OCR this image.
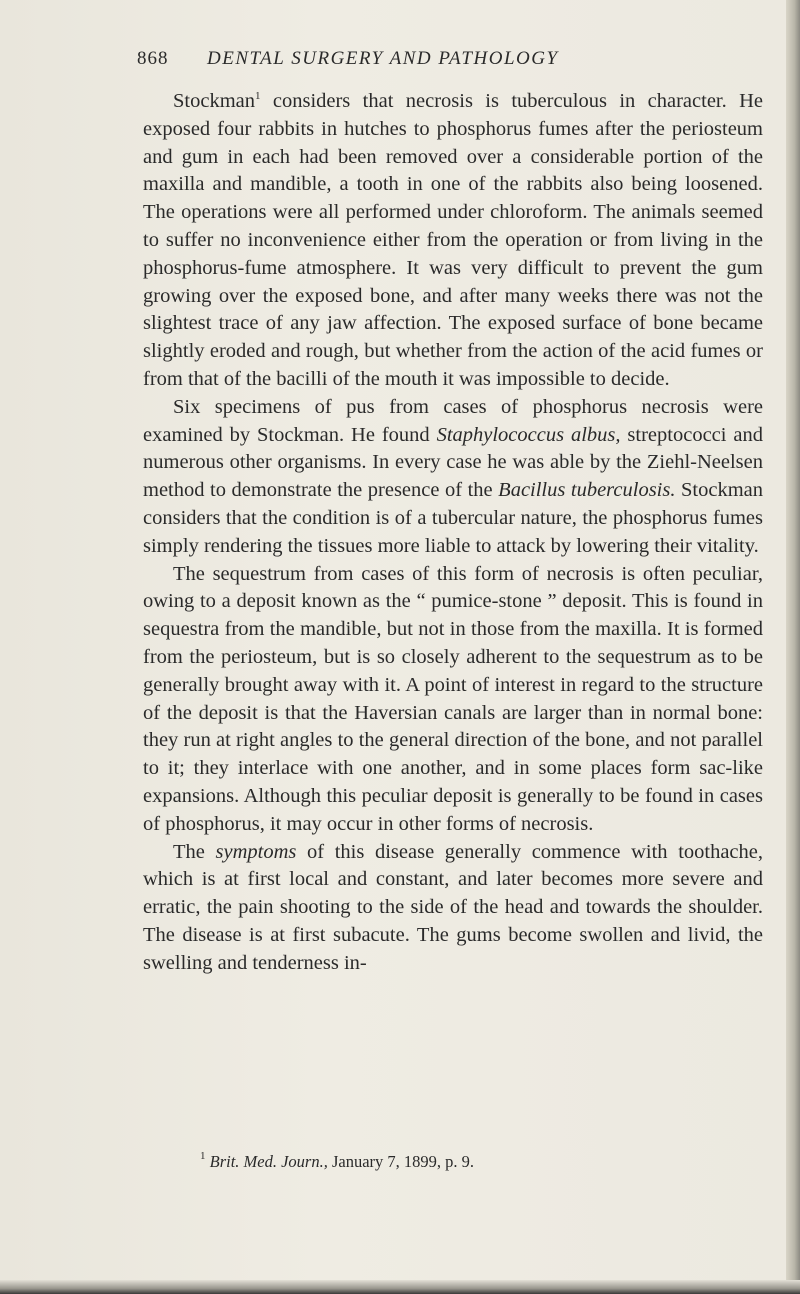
868 DENTAL SURGERY AND PATHOLOGY

Stockman$^1$ considers that necrosis is tuberculous in character. He exposed four rabbits in hutches to phosphorus fumes after the periosteum and gum in each had been removed over a considerable portion of the maxilla and mandible, a tooth in one of the rabbits also being loosened. The operations were all performed under chloroform. The animals seemed to suffer no inconvenience either from the operation or from living in the phosphorus-fume atmosphere. It was very difficult to prevent the gum growing over the exposed bone, and after many weeks there was not the slightest trace of any jaw affection. The exposed surface of bone became slightly eroded and rough, but whether from the action of the acid fumes or from that of the bacilli of the mouth it was impossible to decide.

Six specimens of pus from cases of phosphorus necrosis were examined by Stockman. He found Staphylococcus albus, streptococci and numerous other organisms. In every case he was able by the Ziehl-Neelsen method to demonstrate the presence of the Bacillus tuberculosis. Stockman considers that the condition is of a tubercular nature, the phosphorus fumes simply rendering the tissues more liable to attack by lowering their vitality.

The sequestrum from cases of this form of necrosis is often peculiar, owing to a deposit known as the “ pumice-stone ” deposit. This is found in sequestra from the mandible, but not in those from the maxilla. It is formed from the periosteum, but is so closely adherent to the sequestrum as to be generally brought away with it. A point of interest in regard to the structure of the deposit is that the Haversian canals are larger than in normal bone: they run at right angles to the general direction of the bone, and not parallel to it; they interlace with one another, and in some places form sac-like expansions. Although this peculiar deposit is generally to be found in cases of phosphorus, it may occur in other forms of necrosis.

The symptoms of this disease generally commence with toothache, which is at first local and constant, and later becomes more severe and erratic, the pain shooting to the side of the head and towards the shoulder. The disease is at first subacute. The gums become swollen and livid, the swelling and tenderness in-

$^1$ Brit. Med. Journ., January 7, 1899, p. 9.
